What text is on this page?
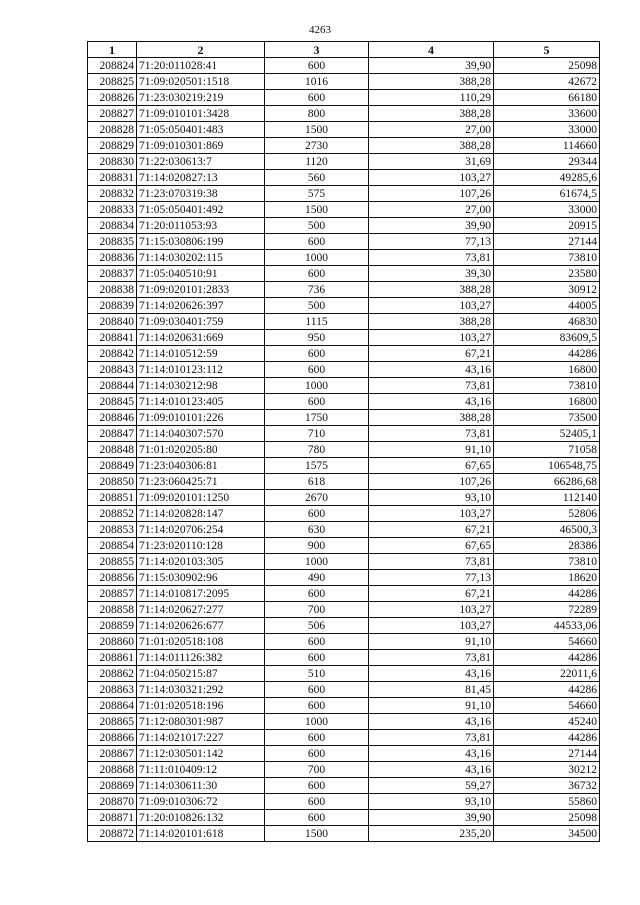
4263
1	2	3	4	5
208824	71:20:011028:41	600	39,90	25098
208825	71:09:020501:1518	1016	388,28	42672
208826	71:23:030219:219	600	110,29	66180
208827	71:09:010101:3428	800	388,28	33600
208828	71:05:050401:483	1500	27,00	33000
208829	71:09:010301:869	2730	388,28	114660
208830	71:22:030613:7	1120	31,69	29344
208831	71:14:020827:13	560	103,27	49285,6
208832	71:23:070319:38	575	107,26	61674,5
208833	71:05:050401:492	1500	27,00	33000
208834	71:20:011053:93	500	39,90	20915
208835	71:15:030806:199	600	77,13	27144
208836	71:14:030202:115	1000	73,81	73810
208837	71:05:040510:91	600	39,30	23580
208838	71:09:020101:2833	736	388,28	30912
208839	71:14:020626:397	500	103,27	44005
208840	71:09:030401:759	1115	388,28	46830
208841	71:14:020631:669	950	103,27	83609,5
208842	71:14:010512:59	600	67,21	44286
208843	71:14:010123:112	600	43,16	16800
208844	71:14:030212:98	1000	73,81	73810
208845	71:14:010123:405	600	43,16	16800
208846	71:09:010101:226	1750	388,28	73500
208847	71:14:040307:570	710	73,81	52405,1
208848	71:01:020205:80	780	91,10	71058
208849	71:23:040306:81	1575	67,65	106548,75
208850	71:23:060425:71	618	107,26	66286,68
208851	71:09:020101:1250	2670	93,10	112140
208852	71:14:020828:147	600	103,27	52806
208853	71:14:020706:254	630	67,21	46500,3
208854	71:23:020110:128	900	67,65	28386
208855	71:14:020103:305	1000	73,81	73810
208856	71:15:030902:96	490	77,13	18620
208857	71:14:010817:2095	600	67,21	44286
208858	71:14:020627:277	700	103,27	72289
208859	71:14:020626:677	506	103,27	44533,06
208860	71:01:020518:108	600	91,10	54660
208861	71:14:011126:382	600	73,81	44286
208862	71:04:050215:87	510	43,16	22011,6
208863	71:14:030321:292	600	81,45	44286
208864	71:01:020518:196	600	91,10	54660
208865	71:12:080301:987	1000	43,16	45240
208866	71:14:021017:227	600	73,81	44286
208867	71:12:030501:142	600	43,16	27144
208868	71:11:010409:12	700	43,16	30212
208869	71:14:030611:30	600	59,27	36732
208870	71:09:010306:72	600	93,10	55860
208871	71:20:010826:132	600	39,90	25098
208872	71:14:020101:618	1500	235,20	34500
